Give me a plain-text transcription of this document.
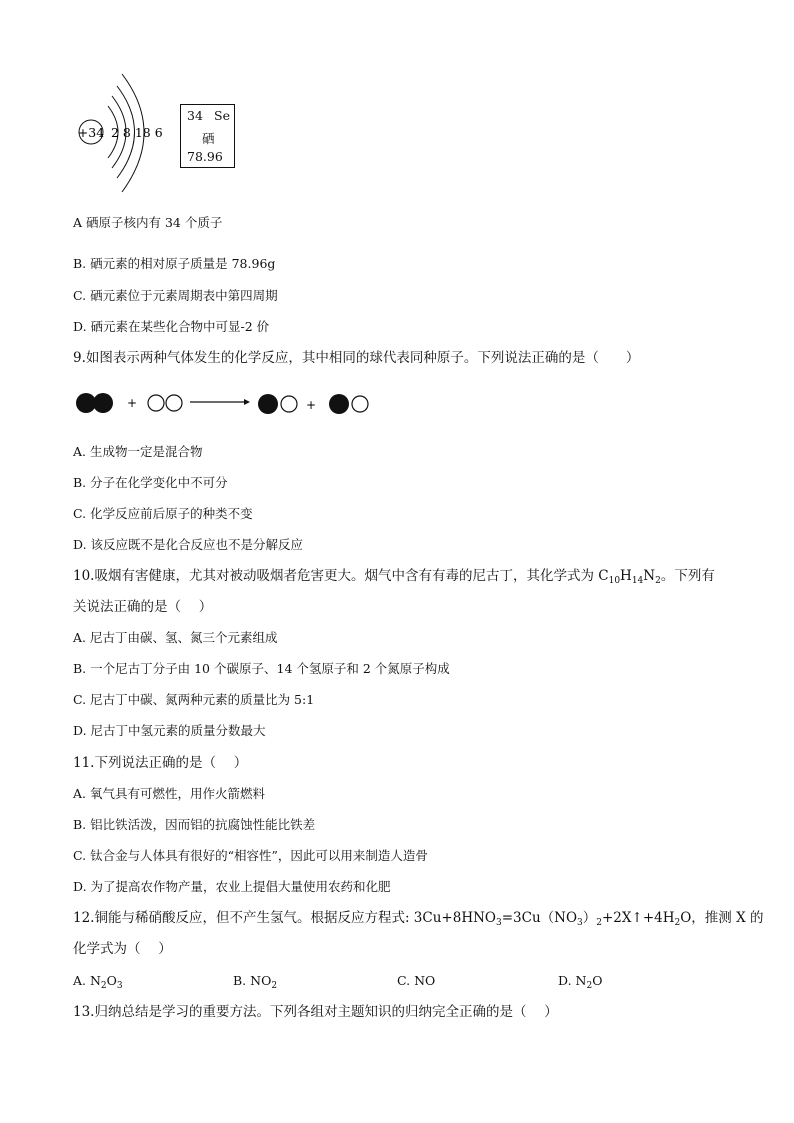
+34 2 8 18 6
34 Se
硒
78.96
A 硒原子核内有 34 个质子
B. 硒元素的相对原子质量是 78.96g
C. 硒元素位于元素周期表中第四周期
D. 硒元素在某些化合物中可显-2 价
9.如图表示两种气体发生的化学反应，其中相同的球代表同种原子。下列说法正确的是（　　）
+	+
A. 生成物一定是混合物
B. 分子在化学变化中不可分
C. 化学反应前后原子的种类不变
D. 该反应既不是化合反应也不是分解反应
10.吸烟有害健康，尤其对被动吸烟者危害更大。烟气中含有有毒的尼古丁，其化学式为 $C_{10}H_{14}N_2$。下列有
关说法正确的是（　 ）
A. 尼古丁由碳、氢、氮三个元素组成
B. 一个尼古丁分子由 10 个碳原子、14 个氢原子和 2 个氮原子构成
C. 尼古丁中碳、氮两种元素的质量比为 5:1
D. 尼古丁中氢元素的质量分数最大
11.下列说法正确的是（　 ）
A. 氧气具有可燃性，用作火箭燃料
B. 铝比铁活泼，因而铝的抗腐蚀性能比铁差
C. 钛合金与人体具有很好的“相容性”，因此可以用来制造人造骨
D. 为了提高农作物产量，农业上提倡大量使用农药和化肥
12.铜能与稀硝酸反应，但不产生氢气。根据反应方程式: $3Cu+8HNO_3=3Cu(NO_3)_2+2X↑+4H_2O$，推测 X 的
化学式为（　 ）
A. $N_2O_3$	B. $NO_2$	C. NO	D. $N_2O$
13.归纳总结是学习的重要方法。下列各组对主题知识的归纳完全正确的是（　 ）
